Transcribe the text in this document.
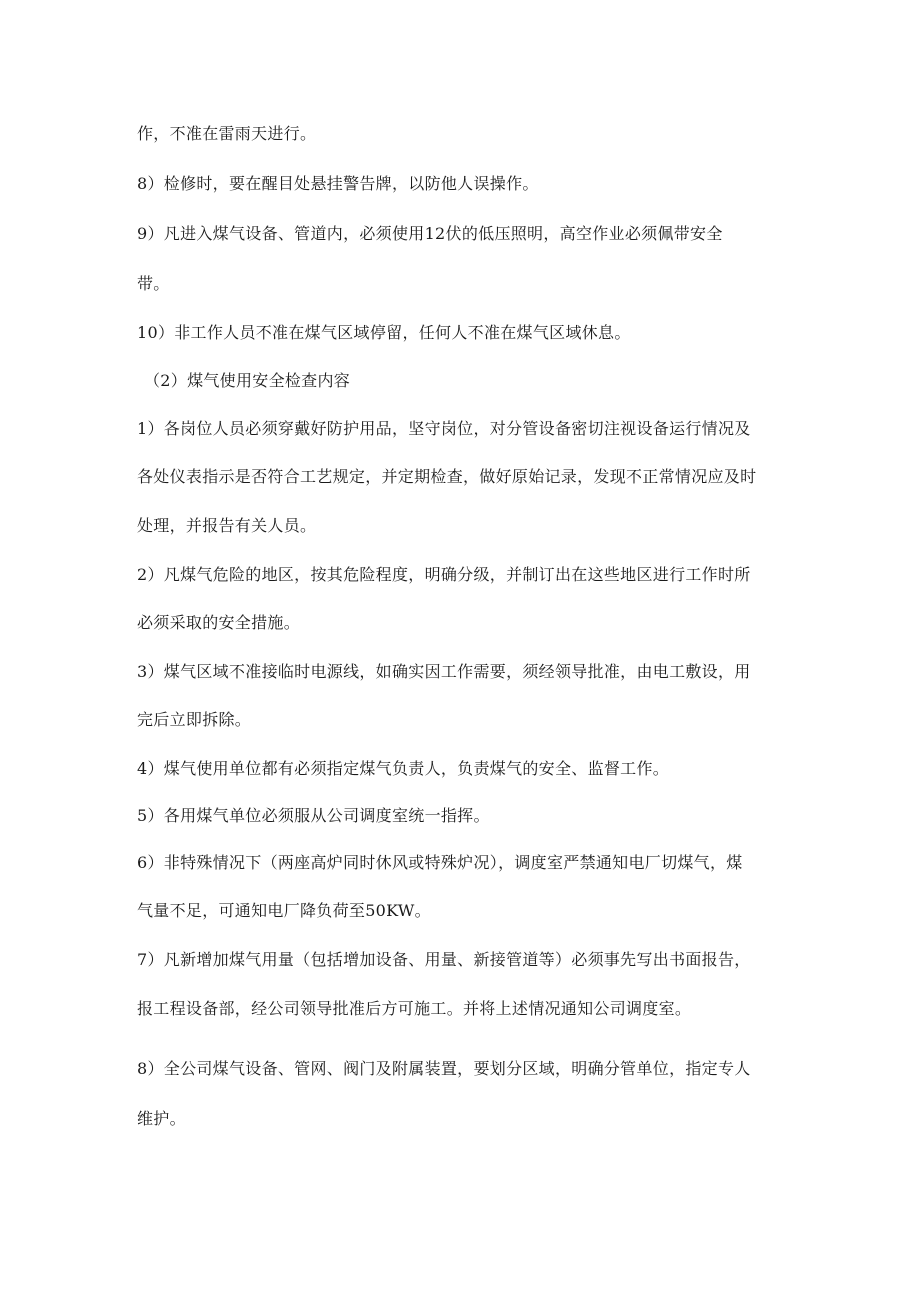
作，不准在雷雨天进行。
8）检修时，要在醒目处悬挂警告牌，以防他人误操作。
9）凡进入煤气设备、管道内，必须使用12伏的低压照明，高空作业必须佩带安全
带。
10）非工作人员不准在煤气区域停留，任何人不准在煤气区域休息。
（2）煤气使用安全检查内容
1）各岗位人员必须穿戴好防护用品，坚守岗位，对分管设备密切注视设备运行情况及
各处仪表指示是否符合工艺规定，并定期检查，做好原始记录，发现不正常情况应及时
处理，并报告有关人员。
2）凡煤气危险的地区，按其危险程度，明确分级，并制订出在这些地区进行工作时所
必须采取的安全措施。
3）煤气区域不准接临时电源线，如确实因工作需要，须经领导批准，由电工敷设，用
完后立即拆除。
4）煤气使用单位都有必须指定煤气负责人，负责煤气的安全、监督工作。
5）各用煤气单位必须服从公司调度室统一指挥。
6）非特殊情况下（两座高炉同时休风或特殊炉况），调度室严禁通知电厂切煤气，煤
气量不足，可通知电厂降负荷至50KW。
7）凡新增加煤气用量（包括增加设备、用量、新接管道等）必须事先写出书面报告，
报工程设备部，经公司领导批准后方可施工。并将上述情况通知公司调度室。
8）全公司煤气设备、管网、阀门及附属装置，要划分区域，明确分管单位，指定专人
维护。
